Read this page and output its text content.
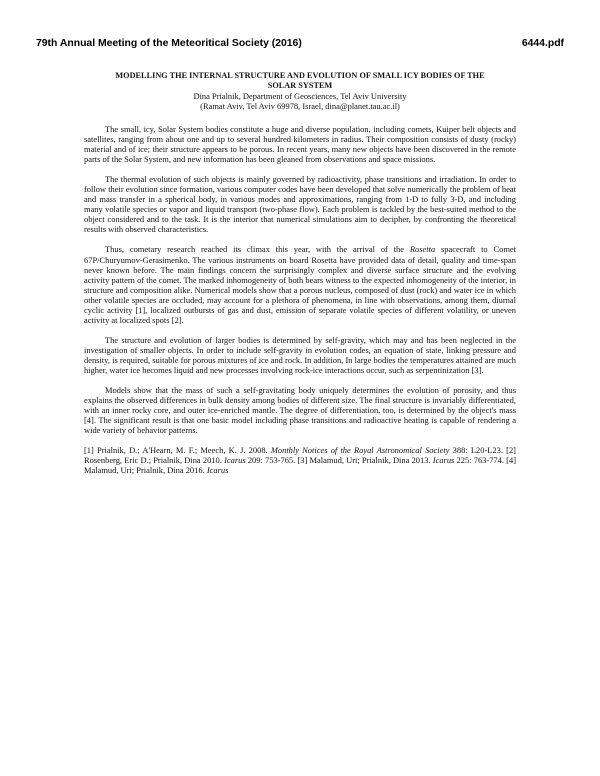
79th Annual Meeting of the Meteoritical Society (2016)	6444.pdf
MODELLING THE INTERNAL STRUCTURE AND EVOLUTION OF SMALL ICY BODIES OF THE SOLAR SYSTEM
Dina Prialnik, Department of Geosciences, Tel Aviv University
(Ramat Aviv, Tel Aviv 69978, Israel, dina@planet.tau.ac.il)

The small, icy, Solar System bodies constitute a huge and diverse population, including comets, Kuiper belt objects and satellites, ranging from about one and up to several hundred kilometers in radius. Their composition consists of dusty (rocky) material and of ice; their structure appears to be porous. In recent years, many new objects have been discovered in the remote parts of the Solar System, and new information has been gleaned from observations and space missions.

The thermal evolution of such objects is mainly governed by radioactivity, phase transitions and irradiation. In order to follow their evolution since formation, various computer codes have been developed that solve numerically the problem of heat and mass transfer in a spherical body, in various modes and approximations, ranging from 1-D to fully 3-D, and including many volatile species or vapor and liquid transport (two-phase flow). Each problem is tackled by the best-suited method to the object considered and to the task. It is the interior that numerical simulations aim to decipher, by confronting the theoretical results with observed characteristics.

Thus, cometary research reached its climax this year, with the arrival of the Rosetta spacecraft to Comet 67P/Churyumov-Gerasimenko. The various instruments on board Rosetta have provided data of detail, quality and time-span never known before. The main findings concern the surprisingly complex and diverse surface structure and the evolving activity pattern of the comet. The marked inhomogeneity of both bears witness to the expected inhomogeneity of the interior, in structure and composition alike. Numerical models show that a porous nucleus, composed of dust (rock) and water ice in which other volatile species are occluded, may account for a plethora of phenomena, in line with observations, among them, diurnal cyclic activity [1], localized outbursts of gas and dust, emission of separate volatile species of different volatility, or uneven activity at localized spots [2].

The structure and evolution of larger bodies is determined by self-gravity, which may and has been neglected in the investigation of smaller objects. In order to include self-gravity in evolution codes, an equation of state, linking pressure and density, is required, suitable for porous mixtures of ice and rock. In addition, In large bodies the temperatures attained are much higher, water ice becomes liquid and new processes involving rock-ice interactions occur, such as serpentinization [3].

Models show that the mass of such a self-gravitating body uniquely determines the evolution of porosity, and thus explains the observed differences in bulk density among bodies of different size. The final structure is invariably differentiated, with an inner rocky core, and outer ice-enriched mantle. The degree of differentiation, too, is determined by the object's mass [4]. The significant result is that one basic model including phase transitions and radioactive heating is capable of rendering a wide variety of behavior patterns.

[1] Prialnik, D.; A'Hearn, M. F.; Meech, K. J. 2008. Monthly Notices of the Royal Astronomical Society 388: L20-L23. [2] Rosenberg, Eric D.; Prialnik, Dina 2010. Icarus 209: 753-765. [3] Malamud, Uri; Prialnik, Dina 2013. Icarus 225: 763-774. [4] Malamud, Uri; Prialnik, Dina 2016. Icarus
